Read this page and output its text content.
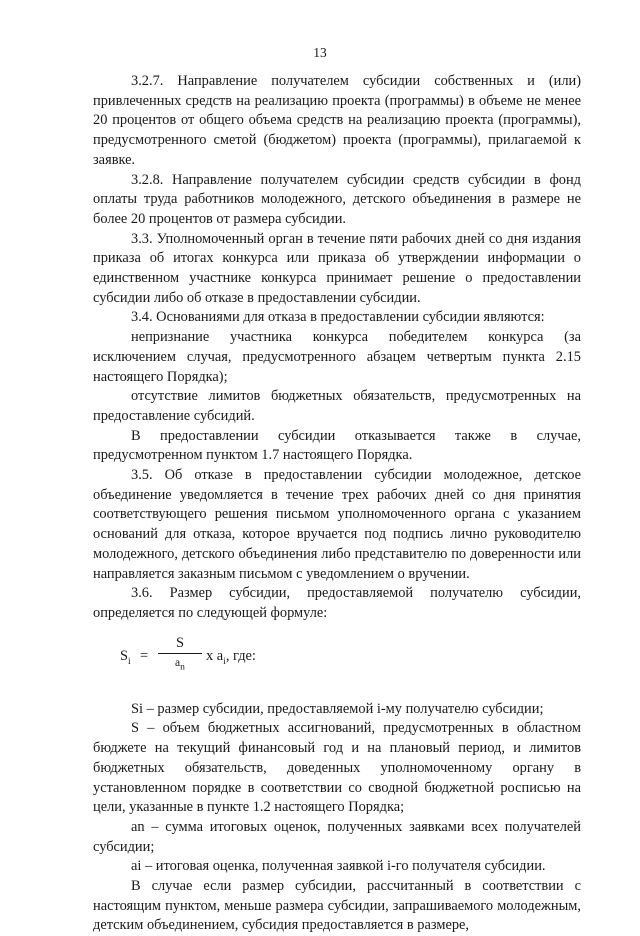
13

3.2.7. Направление получателем субсидии собственных и (или) привлеченных средств на реализацию проекта (программы) в объеме не менее 20 процентов от общего объема средств на реализацию проекта (программы), предусмотренного сметой (бюджетом) проекта (программы), прилагаемой к заявке.

3.2.8. Направление получателем субсидии средств субсидии в фонд оплаты труда работников молодежного, детского объединения в размере не более 20 процентов от размера субсидии.

3.3. Уполномоченный орган в течение пяти рабочих дней со дня издания приказа об итогах конкурса или приказа об утверждении информации о единственном участнике конкурса принимает решение о предоставлении субсидии либо об отказе в предоставлении субсидии.

3.4. Основаниями для отказа в предоставлении субсидии являются:

непризнание участника конкурса победителем конкурса (за исключением случая, предусмотренного абзацем четвертым пункта 2.15 настоящего Порядка);

отсутствие лимитов бюджетных обязательств, предусмотренных на предоставление субсидий.

В предоставлении субсидии отказывается также в случае, предусмотренном пунктом 1.7 настоящего Порядка.

3.5. Об отказе в предоставлении субсидии молодежное, детское объединение уведомляется в течение трех рабочих дней со дня принятия соответствующего решения письмом уполномоченного органа с указанием оснований для отказа, которое вручается под подпись лично руководителю молодежного, детского объединения либо представителю по доверенности или направляется заказным письмом с уведомлением о вручении.

3.6. Размер субсидии, предоставляемой получателю субсидии, определяется по следующей формуле:

$S_i$ =
S
$a_n$
x $a_i$, где:

Si – размер субсидии, предоставляемой i-му получателю субсидии;

S – объем бюджетных ассигнований, предусмотренных в областном бюджете на текущий финансовый год и на плановый период, и лимитов бюджетных обязательств, доведенных уполномоченному органу в установленном порядке в соответствии со сводной бюджетной росписью на цели, указанные в пункте 1.2 настоящего Порядка;

an – сумма итоговых оценок, полученных заявками всех получателей субсидии;

ai – итоговая оценка, полученная заявкой i-го получателя субсидии.

В случае если размер субсидии, рассчитанный в соответствии с настоящим пунктом, меньше размера субсидии, запрашиваемого молодежным, детским объединением, субсидия предоставляется в размере,
